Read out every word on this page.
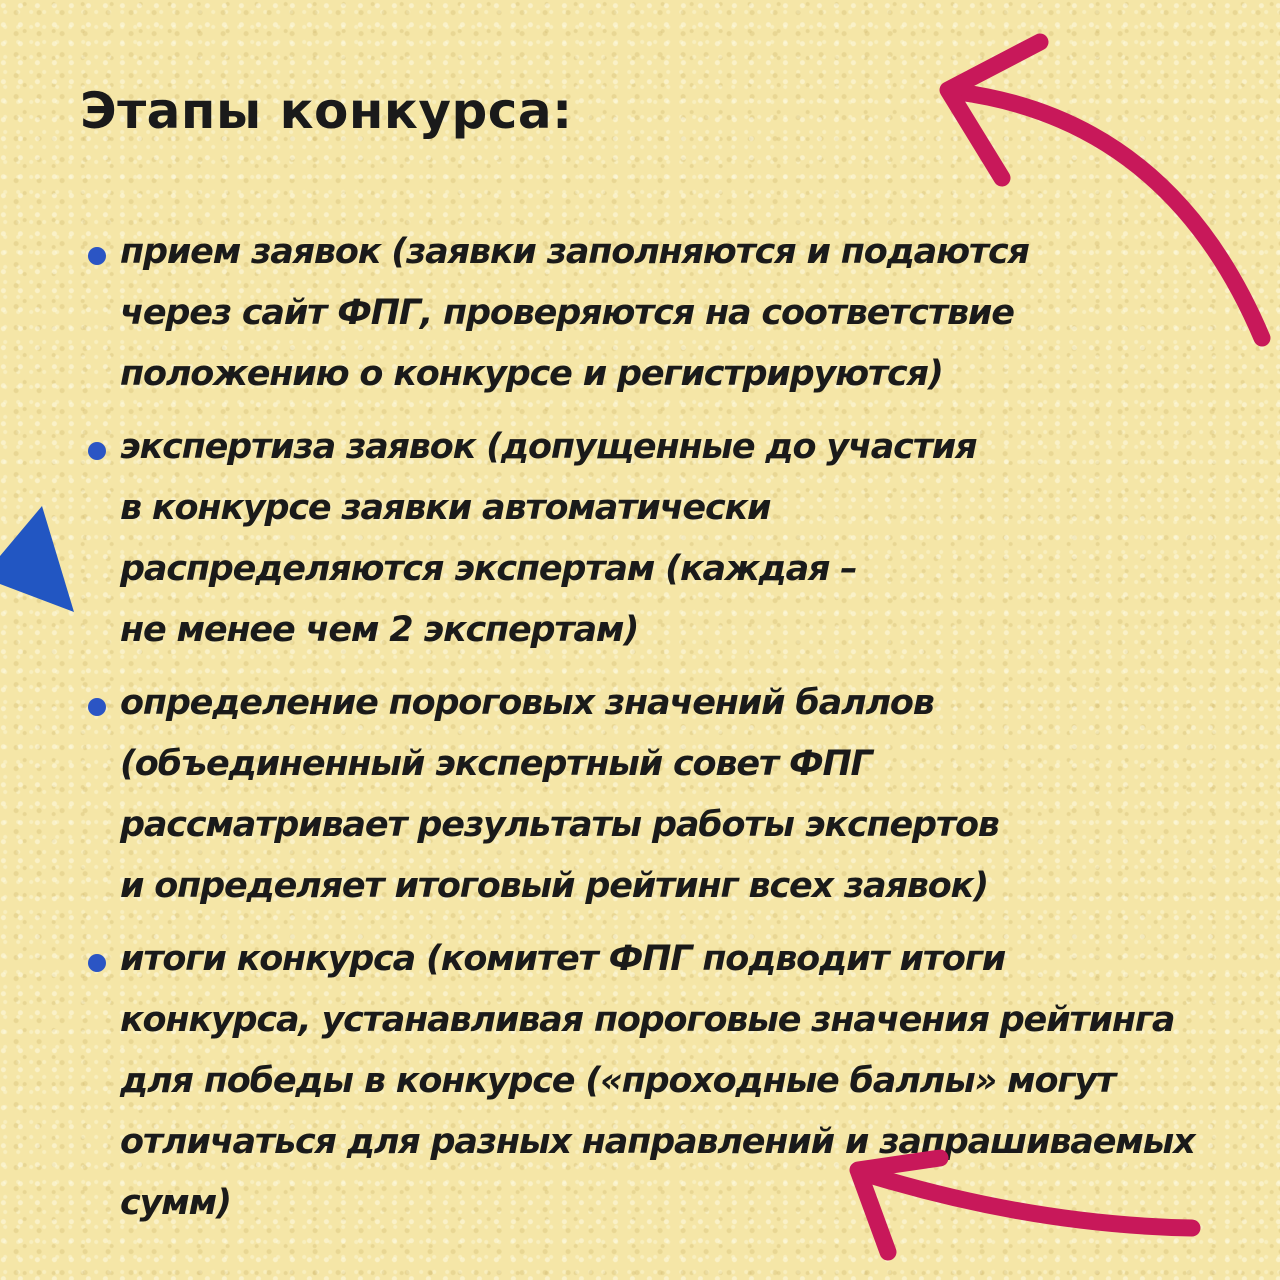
Этапы конкурса:
прием заявок (заявки заполняются и подаются
через сайт ФПГ, проверяются на соответствие
положению о конкурсе и регистрируются)
экспертиза заявок (допущенные до участия
в конкурсе заявки автоматически
распределяются экспертам (каждая –
не менее чем 2 экспертам)
определение пороговых значений баллов
(объединенный экспертный совет ФПГ
рассматривает результаты работы экспертов
и определяет итоговый рейтинг всех заявок)
итоги конкурса (комитет ФПГ подводит итоги
конкурса, устанавливая пороговые значения рейтинга
для победы в конкурсе («проходные баллы» могут
отличаться для разных направлений и запрашиваемых
сумм)
